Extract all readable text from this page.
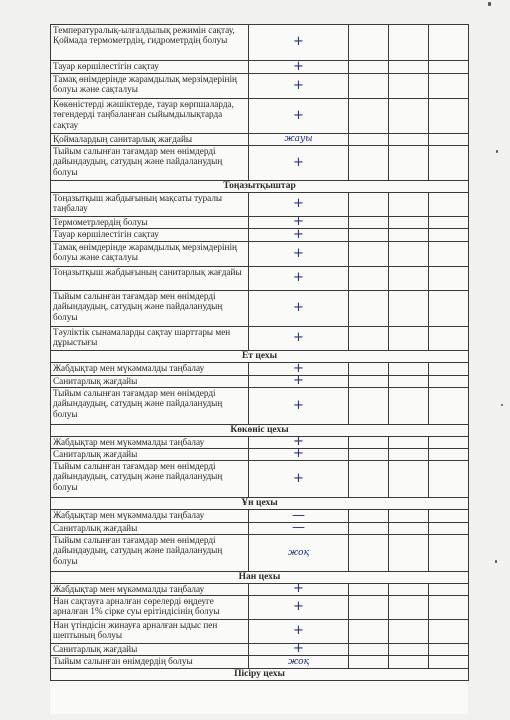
Температуралық-ылғалдылық режимін сақтау, Қоймада термометрдің, гидрометрдің болуы	+			
Тауар көршілестігін сақтау	+			
Тамақ өнімдерінде жарамдылық мерзімдерінің болуы және сақталуы	+			
Көкөністерді жәшіктерде, тауар көрпшаларда, төгендерді таңбаланған сыйымдылықтарда сақтау	+			
Қоймалардың санитарлық жағдайы	жауы			
Тыйым салынған тағамдар мен өнімдерді дайындаудың, сатудың және пайдаланудың болуы	+			
Тоңазытқыштар				
Тоңазытқыш жабдығының мақсаты туралы таңбалау	+			
Термометрлердің болуы	+			
Тауар көршілестігін сақтау	+			
Тамақ өнімдерінде жарамдылық мерзімдерінің болуы және сақталуы	+			
Тоңазытқыш жабдығының санитарлық жағдайы	+			
Тыйым салынған тағамдар мен өнімдерді дайындаудың, сатудың және пайдаланудың болуы	+			
Тәуліктік сынамаларды сақтау шарттары мен дұрыстығы	+			
Ет цехы				
Жабдықтар мен мүкәммалды таңбалау	+			
Санитарлық жағдайы	+			
Тыйым салынған тағамдар мен өнімдерді дайындаудың, сатудың және пайдаланудың болуы	+			
Көкөніс цехы				
Жабдықтар мен мүкәммалды таңбалау	+			
Санитарлық жағдайы	+			
Тыйым салынған тағамдар мен өнімдерді дайындаудың, сатудың және пайдаланудың болуы	+			
Ұн цехы				
Жабдықтар мен мүкәммалды таңбалау	—			
Санитарлық жағдайы	—			
Тыйым салынған тағамдар мен өнімдерді дайындаудың, сатудың және пайдаланудың болуы	жоқ			
Нан цехы				
Жабдықтар мен мүкәммалды таңбалау	+			
Нан сақтауға арналған сөрелерді өңдеуге арналған 1% сірке суы ерітіндісінің болуы	+			
Нан үтіндісін жинауға арналған ыдыс пен шептының болуы	+			
Санитарлық жағдайы	+			
Тыйым салынған өнімдердің болуы	жоқ			
Пісіру цехы				
